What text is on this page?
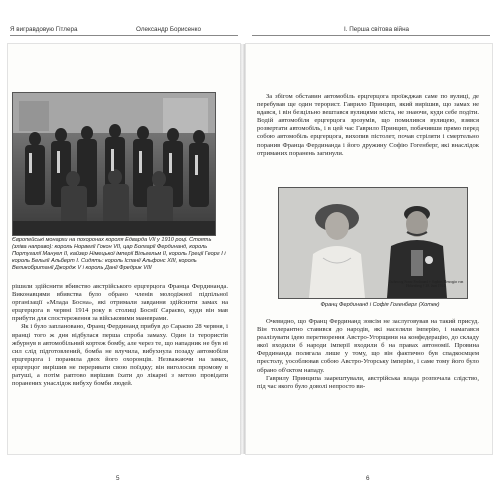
Я вигравдовую Гітлера	Олександр Борисенко	І. Перша світова війна
Європейські монархи на похоронах короля Едварда VII у 1910 році. Стоять (зліва направо): король Норвегії Гокон VII, цар Болгарії Фердинанд, король Португалії Мануел II, кайзер Німецької імперії Вільгельм II, король Греції Георг I і король Бельгії Альберт I. Сидять: король Іспанії Альфонс XIII, король Великобританії Джордж V і король Данії Фредрик VIII

рішили здійснити вбивство австрійського ерцгерцога Франца Фердинанда. Виконавцями вбивства було обрано членів молодіжної підпільної організації «Млада Босна», які отримали завдання здійснити замах на ерцгерцога в червні 1914 року в столиці Боснії Сараєво, куди він мав прибути для спостереження за військовими маневрами.

Як і було заплановано, Франц Фердинанд прибув до Сараєво 28 червня, і вранці того ж дня відбулася перша спроба замаху. Один із терористів жбурнув в автомобільний кортеж бомбу, але через те, що нападник не був ні сил слід підготовлений, бомба не влучила, вибухнула позаду автомобіля ерцгерцога і поранила двох його охоронців. Незважаючи на замах, ерцгерцог вирішив не переривати свою поїздку; він виголосив промову в ратуші, а потім раптово вирішив їхати до лікарні з метою провідати поранених унаслідок вибуху бомби людей.

5

За збігом обставин автомобіль ерцгерцога проїжджав саме по вулиці, де перебував ще один терорист. Гаврило Принцип, який вирішив, що замах не вдався, і він безцільно вештався вулицями міста, не знаючи, куди себе подіти. Водій автомобіля ерцгерцога зрозумів, що помилився вулицею, взявся розвертати автомобіль, і в цей час Гаврило Принцип, побачивши прямо перед собою автомобіль ерцгерцога, вихопив пістолет, почав стріляти і смертельно поранив Франца Фердинанда і його дружину Софію Гогенберг, які внаслідок отриманих поранень загинули.

Erzherzog Franz Ferdinand + Sophie, Herzogin von Hohenberg † 28. Juni 1914.
Франц Фердинанд і Софія Гогенберг (Хотек)

Очевидно, що Франц Фердинанд зовсім не заслуговував на такий присуд. Він толерантно ставився до народів, які населяли імперію, і намагався реалізувати ідею перетворення Австро-Угорщини на конфедерацію, до складу якої входили б народи імперії входили б на правах автономії. Провина Фердинанда полягала лише у тому, що він фактично був спадкоємцем престолу, уособлював собою Австро-Угорську імперію, і саме тому його було обрано об'єктом нападу.

Гаврилу Принципа заарештували, австрійська влада розпочала слідство, під час якого було доволі непросто ви-

6
